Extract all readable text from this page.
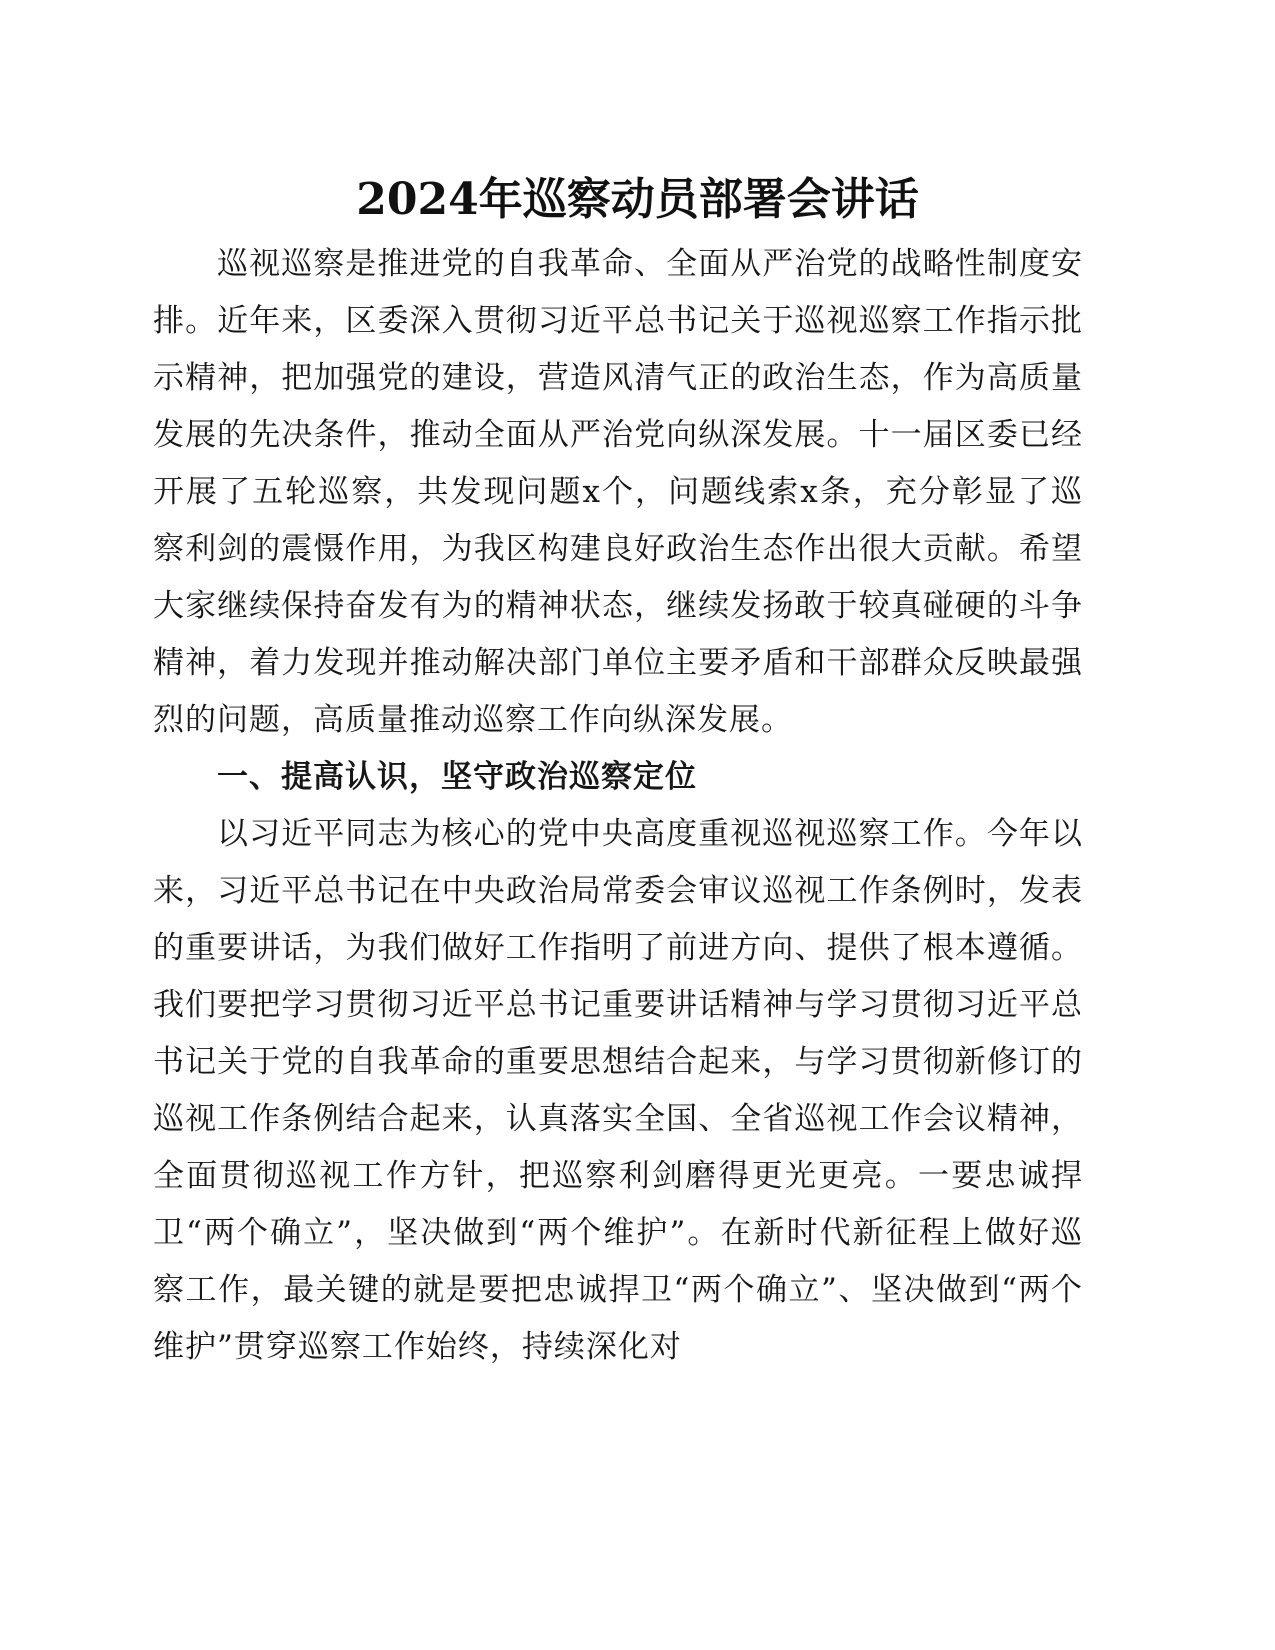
2024年巡察动员部署会讲话

巡视巡察是推进党的自我革命、全面从严治党的战略性制度安排。近年来，区委深入贯彻习近平总书记关于巡视巡察工作指示批示精神，把加强党的建设，营造风清气正的政治生态，作为高质量发展的先决条件，推动全面从严治党向纵深发展。十一届区委已经开展了五轮巡察，共发现问题x个，问题线索x条，充分彰显了巡察利剑的震慑作用，为我区构建良好政治生态作出很大贡献。希望大家继续保持奋发有为的精神状态，继续发扬敢于较真碰硬的斗争精神，着力发现并推动解决部门单位主要矛盾和干部群众反映最强烈的问题，高质量推动巡察工作向纵深发展。

一、提高认识，坚守政治巡察定位

以习近平同志为核心的党中央高度重视巡视巡察工作。今年以来，习近平总书记在中央政治局常委会审议巡视工作条例时，发表的重要讲话，为我们做好工作指明了前进方向、提供了根本遵循。我们要把学习贯彻习近平总书记重要讲话精神与学习贯彻习近平总书记关于党的自我革命的重要思想结合起来，与学习贯彻新修订的巡视工作条例结合起来，认真落实全国、全省巡视工作会议精神，全面贯彻巡视工作方针，把巡察利剑磨得更光更亮。一要忠诚捍卫“两个确立”，坚决做到“两个维护”。在新时代新征程上做好巡察工作，最关键的就是要把忠诚捍卫“两个确立”、坚决做到“两个维护”贯穿巡察工作始终，持续深化对
